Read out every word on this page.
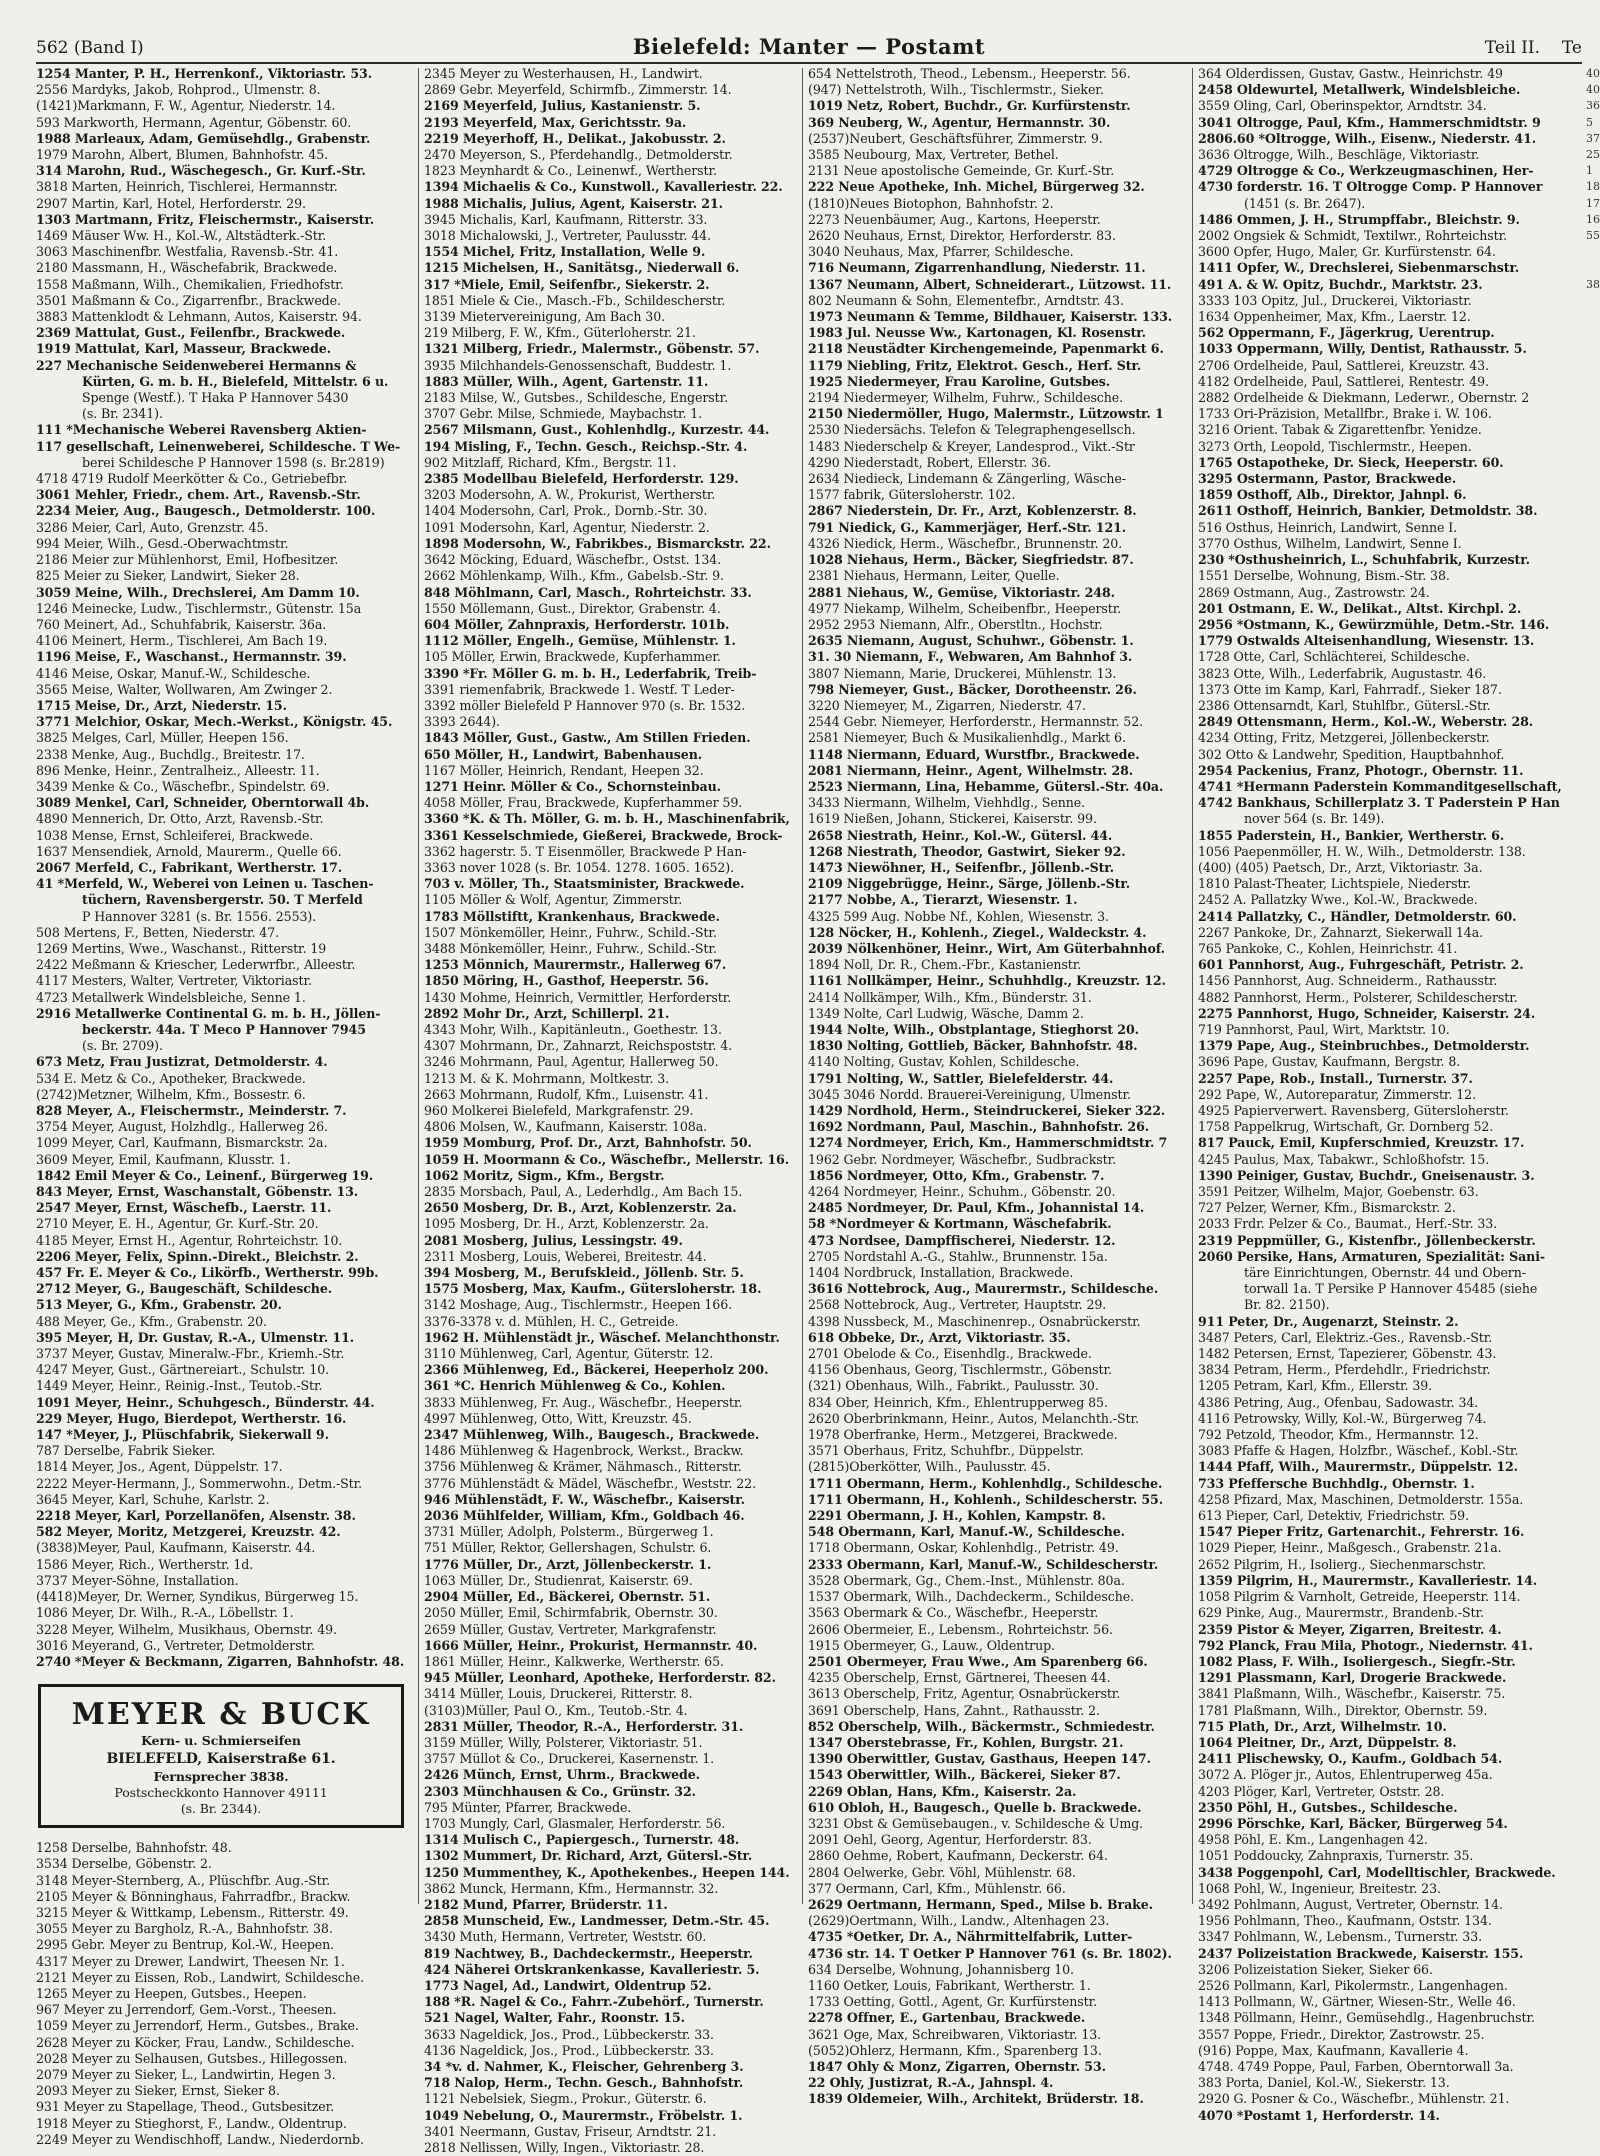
562 (Band I)	Bielefeld: Manter — Postamt	Teil II. Te
1254 Manter, P. H., Herrenkonf., Viktoriastr. 53.
2556 Mardyks, Jakob, Rohprod., Ulmenstr. 8.
(1421)Markmann, F. W., Agentur, Niederstr. 14.
593 Markworth, Hermann, Agentur, Göbenstr. 60.
1988 Marleaux, Adam, Gemüsehdlg., Grabenstr.
1979 Marohn, Albert, Blumen, Bahnhofstr. 45.
314 Marohn, Rud., Wäschegesch., Gr. Kurf.-Str.
3818 Marten, Heinrich, Tischlerei, Hermannstr.
2907 Martin, Karl, Hotel, Herforderstr. 29.
1303 Martmann, Fritz, Fleischermstr., Kaiserstr.
1469 Mäuser Ww. H., Kol.-W., Altstädterk.-Str.
3063 Maschinenfbr. Westfalia, Ravensb.-Str. 41.
2180 Massmann, H., Wäschefabrik, Brackwede.
1558 Maßmann, Wilh., Chemikalien, Friedhofstr.
3501 Maßmann & Co., Zigarrenfbr., Brackwede.
3883 Mattenklodt & Lehmann, Autos, Kaiserstr. 94.
2369 Mattulat, Gust., Feilenfbr., Brackwede.
1919 Mattulat, Karl, Masseur, Brackwede.
227 Mechanische Seidenweberei Hermanns &
Kürten, G. m. b. H., Bielefeld, Mittelstr. 6 u.
Spenge (Westf.). T Haka P Hannover 5430
(s. Br. 2341).
111 *Mechanische Weberei Ravensberg Aktien-
117 gesellschaft, Leinenweberei, Schildesche. T We-
berei Schildesche P Hannover 1598 (s. Br.2819)
4718 4719 Rudolf Meerkötter & Co., Getriebefbr.
3061 Mehler, Friedr., chem. Art., Ravensb.-Str.
2234 Meier, Aug., Baugesch., Detmolderstr. 100.
3286 Meier, Carl, Auto, Grenzstr. 45.
994 Meier, Wilh., Gesd.-Oberwachtmstr.
2186 Meier zur Mühlenhorst, Emil, Hofbesitzer.
825 Meier zu Sieker, Landwirt, Sieker 28.
3059 Meine, Wilh., Drechslerei, Am Damm 10.
1246 Meinecke, Ludw., Tischlermstr., Gütenstr. 15a
760 Meinert, Ad., Schuhfabrik, Kaiserstr. 36a.
4106 Meinert, Herm., Tischlerei, Am Bach 19.
1196 Meise, F., Waschanst., Hermannstr. 39.
4146 Meise, Oskar, Manuf.-W., Schildesche.
3565 Meise, Walter, Wollwaren, Am Zwinger 2.
1715 Meise, Dr., Arzt, Niederstr. 15.
3771 Melchior, Oskar, Mech.-Werkst., Königstr. 45.
3825 Melges, Carl, Müller, Heepen 156.
2338 Menke, Aug., Buchdlg., Breitestr. 17.
896 Menke, Heinr., Zentralheiz., Alleestr. 11.
3439 Menke & Co., Wäschefbr., Spindelstr. 69.
3089 Menkel, Carl, Schneider, Oberntorwall 4b.
4890 Mennerich, Dr. Otto, Arzt, Ravensb.-Str.
1038 Mense, Ernst, Schleiferei, Brackwede.
1637 Mensendiek, Arnold, Maurerm., Quelle 66.
2067 Merfeld, C., Fabrikant, Wertherstr. 17.
41 *Merfeld, W., Weberei von Leinen u. Taschen-
tüchern, Ravensbergerstr. 50. T Merfeld
P Hannover 3281 (s. Br. 1556. 2553).
508 Mertens, F., Betten, Niederstr. 47.
1269 Mertins, Wwe., Waschanst., Ritterstr. 19
2422 Meßmann & Kriescher, Lederwrfbr., Alleestr.
4117 Mesters, Walter, Vertreter, Viktoriastr.
4723 Metallwerk Windelsbleiche, Senne 1.
2916 Metallwerke Continental G. m. b. H., Jöllen-
beckerstr. 44a. T Meco P Hannover 7945
(s. Br. 2709).
673 Metz, Frau Justizrat, Detmolderstr. 4.
534 E. Metz & Co., Apotheker, Brackwede.
(2742)Metzner, Wilhelm, Kfm., Bossestr. 6.
828 Meyer, A., Fleischermstr., Meinderstr. 7.
3754 Meyer, August, Holzhdlg., Hallerweg 26.
1099 Meyer, Carl, Kaufmann, Bismarckstr. 2a.
3609 Meyer, Emil, Kaufmann, Klusstr. 1.
1842 Emil Meyer & Co., Leinenf., Bürgerweg 19.
843 Meyer, Ernst, Waschanstalt, Göbenstr. 13.
2547 Meyer, Ernst, Wäschefb., Laerstr. 11.
2710 Meyer, E. H., Agentur, Gr. Kurf.-Str. 20.
4185 Meyer, Ernst H., Agentur, Rohrteichstr. 10.
2206 Meyer, Felix, Spinn.-Direkt., Bleichstr. 2.
457 Fr. E. Meyer & Co., Likörfb., Wertherstr. 99b.
2712 Meyer, G., Baugeschäft, Schildesche.
513 Meyer, G., Kfm., Grabenstr. 20.
488 Meyer, Ge., Kfm., Grabenstr. 20.
395 Meyer, H, Dr. Gustav, R.-A., Ulmenstr. 11.
3737 Meyer, Gustav, Mineralw.-Fbr., Kriemh.-Str.
4247 Meyer, Gust., Gärtnereiart., Schulstr. 10.
1449 Meyer, Heinr., Reinig.-Inst., Teutob.-Str.
1091 Meyer, Heinr., Schuhgesch., Bünderstr. 44.
229 Meyer, Hugo, Bierdepot, Wertherstr. 16.
147 *Meyer, J., Plüschfabrik, Siekerwall 9.
787 Derselbe, Fabrik Sieker.
1814 Meyer, Jos., Agent, Düppelstr. 17.
2222 Meyer-Hermann, J., Sommerwohn., Detm.-Str.
3645 Meyer, Karl, Schuhe, Karlstr. 2.
2218 Meyer, Karl, Porzellanöfen, Alsenstr. 38.
582 Meyer, Moritz, Metzgerei, Kreuzstr. 42.
(3838)Meyer, Paul, Kaufmann, Kaiserstr. 44.
1586 Meyer, Rich., Wertherstr. 1d.
3737 Meyer-Söhne, Installation.
(4418)Meyer, Dr. Werner, Syndikus, Bürgerweg 15.
1086 Meyer, Dr. Wilh., R.-A., Löbellstr. 1.
3228 Meyer, Wilhelm, Musikhaus, Obernstr. 49.
3016 Meyerand, G., Vertreter, Detmolderstr.
2740 *Meyer & Beckmann, Zigarren, Bahnhofstr. 48.
MEYER & BUCK
Kern- u. Schmierseifen
BIELEFELD, Kaiserstraße 61.
Fernsprecher 3838.
Postscheckkonto Hannover 49111
(s. Br. 2344).
1258 Derselbe, Bahnhofstr. 48.
3534 Derselbe, Göbenstr. 2.
3148 Meyer-Sternberg, A., Plüschfbr. Aug.-Str.
2105 Meyer & Bönninghaus, Fahrradfbr., Brackw.
3215 Meyer & Wittkamp, Lebensm., Ritterstr. 49.
3055 Meyer zu Bargholz, R.-A., Bahnhofstr. 38.
2995 Gebr. Meyer zu Bentrup, Kol.-W., Heepen.
4317 Meyer zu Drewer, Landwirt, Theesen Nr. 1.
2121 Meyer zu Eissen, Rob., Landwirt, Schildesche.
1265 Meyer zu Heepen, Gutsbes., Heepen.
967 Meyer zu Jerrendorf, Gem.-Vorst., Theesen.
1059 Meyer zu Jerrendorf, Herm., Gutsbes., Brake.
2628 Meyer zu Köcker, Frau, Landw., Schildesche.
2028 Meyer zu Selhausen, Gutsbes., Hillegossen.
2079 Meyer zu Sieker, L., Landwirtin, Hegen 3.
2093 Meyer zu Sieker, Ernst, Sieker 8.
931 Meyer zu Stapellage, Theod., Gutsbesitzer.
1918 Meyer zu Stieghorst, F., Landw., Oldentrup.
2249 Meyer zu Wendischhoff, Landw., Niederdornb.
2345 Meyer zu Westerhausen, H., Landwirt.
2869 Gebr. Meyerfeld, Schirmfb., Zimmerstr. 14.
2169 Meyerfeld, Julius, Kastanienstr. 5.
2193 Meyerfeld, Max, Gerichtsstr. 9a.
2219 Meyerhoff, H., Delikat., Jakobusstr. 2.
2470 Meyerson, S., Pferdehandlg., Detmolderstr.
1823 Meynhardt & Co., Leinenwf., Wertherstr.
1394 Michaelis & Co., Kunstwoll., Kavalleriestr. 22.
1988 Michalis, Julius, Agent, Kaiserstr. 21.
3945 Michalis, Karl, Kaufmann, Ritterstr. 33.
3018 Michalowski, J., Vertreter, Paulusstr. 44.
1554 Michel, Fritz, Installation, Welle 9.
1215 Michelsen, H., Sanitätsg., Niederwall 6.
317 *Miele, Emil, Seifenfbr., Siekerstr. 2.
1851 Miele & Cie., Masch.-Fb., Schildescherstr.
3139 Mietervereinigung, Am Bach 30.
219 Milberg, F. W., Kfm., Güterloherstr. 21.
1321 Milberg, Friedr., Malermstr., Göbenstr. 57.
3935 Milchhandels-Genossenschaft, Buddestr. 1.
1883 Müller, Wilh., Agent, Gartenstr. 11.
2183 Milse, W., Gutsbes., Schildesche, Engerstr.
3707 Gebr. Milse, Schmiede, Maybachstr. 1.
2567 Milsmann, Gust., Kohlenhdlg., Kurzestr. 44.
194 Misling, F., Techn. Gesch., Reichsp.-Str. 4.
902 Mitzlaff, Richard, Kfm., Bergstr. 11.
2385 Modellbau Bielefeld, Herforderstr. 129.
3203 Modersohn, A. W., Prokurist, Wertherstr.
1404 Modersohn, Carl, Prok., Dornb.-Str. 30.
1091 Modersohn, Karl, Agentur, Niederstr. 2.
1898 Modersohn, W., Fabrikbes., Bismarckstr. 22.
3642 Möcking, Eduard, Wäschefbr., Ostst. 134.
2662 Möhlenkamp, Wilh., Kfm., Gabelsb.-Str. 9.
848 Möhlmann, Carl, Masch., Rohrteichstr. 33.
1550 Möllemann, Gust., Direktor, Grabenstr. 4.
604 Möller, Zahnpraxis, Herforderstr. 101b.
1112 Möller, Engelh., Gemüse, Mühlenstr. 1.
105 Möller, Erwin, Brackwede, Kupferhammer.
3390 *Fr. Möller G. m. b. H., Lederfabrik, Treib-
3391 riemenfabrik, Brackwede 1. Westf. T Leder-
3392 möller Bielefeld P Hannover 970 (s. Br. 1532.
3393 2644).
1843 Möller, Gust., Gastw., Am Stillen Frieden.
650 Möller, H., Landwirt, Babenhausen.
1167 Möller, Heinrich, Rendant, Heepen 32.
1271 Heinr. Möller & Co., Schornsteinbau.
4058 Möller, Frau, Brackwede, Kupferhammer 59.
3360 *K. & Th. Möller, G. m. b. H., Maschinenfabrik,
3361 Kesselschmiede, Gießerei, Brackwede, Brock-
3362 hagerstr. 5. T Eisenmöller, Brackwede P Han-
3363 nover 1028 (s. Br. 1054. 1278. 1605. 1652).
703 v. Möller, Th., Staatsminister, Brackwede.
1105 Möller & Wolf, Agentur, Zimmerstr.
1783 Möllstiftt, Krankenhaus, Brackwede.
1507 Mönkemöller, Heinr., Fuhrw., Schild.-Str.
3488 Mönkemöller, Heinr., Fuhrw., Schild.-Str.
1253 Mönnich, Maurermstr., Hallerweg 67.
1850 Möring, H., Gasthof, Heeperstr. 56.
1430 Mohme, Heinrich, Vermittler, Herforderstr.
2892 Mohr Dr., Arzt, Schillerpl. 21.
4343 Mohr, Wilh., Kapitänleutn., Goethestr. 13.
4307 Mohrmann, Dr., Zahnarzt, Reichspoststr. 4.
3246 Mohrmann, Paul, Agentur, Hallerweg 50.
1213 M. & K. Mohrmann, Moltkestr. 3.
2663 Mohrmann, Rudolf, Kfm., Luisenstr. 41.
960 Molkerei Bielefeld, Markgrafenstr. 29.
4806 Molsen, W., Kaufmann, Kaiserstr. 108a.
1959 Momburg, Prof. Dr., Arzt, Bahnhofstr. 50.
1059 H. Moormann & Co., Wäschefbr., Mellerstr. 16.
1062 Moritz, Sigm., Kfm., Bergstr.
2835 Morsbach, Paul, A., Lederhdlg., Am Bach 15.
2650 Mosberg, Dr. B., Arzt, Koblenzerstr. 2a.
1095 Mosberg, Dr. H., Arzt, Koblenzerstr. 2a.
2081 Mosberg, Julius, Lessingstr. 49.
2311 Mosberg, Louis, Weberei, Breitestr. 44.
394 Mosberg, M., Berufskleid., Jöllenb. Str. 5.
1575 Mosberg, Max, Kaufm., Gütersloherstr. 18.
3142 Moshage, Aug., Tischlermstr., Heepen 166.
3376-3378 v. d. Mühlen, H. C., Getreide.
1962 H. Mühlenstädt jr., Wäschef. Melanchthonstr.
3110 Mühlenweg, Carl, Agentur, Güterstr. 12.
2366 Mühlenweg, Ed., Bäckerei, Heeperholz 200.
361 *C. Henrich Mühlenweg & Co., Kohlen.
3833 Mühlenweg, Fr. Aug., Wäschefbr., Heeperstr.
4997 Mühlenweg, Otto, Witt, Kreuzstr. 45.
2347 Mühlenweg, Wilh., Baugesch., Brackwede.
1486 Mühlenweg & Hagenbrock, Werkst., Brackw.
3756 Mühlenweg & Krämer, Nähmasch., Ritterstr.
3776 Mühlenstädt & Mädel, Wäschefbr., Weststr. 22.
946 Mühlenstädt, F. W., Wäschefbr., Kaiserstr.
2036 Mühlfelder, William, Kfm., Goldbach 46.
3731 Müller, Adolph, Polsterm., Bürgerweg 1.
751 Müller, Rektor, Gellershagen, Schulstr. 6.
1776 Müller, Dr., Arzt, Jöllenbeckerstr. 1.
1063 Müller, Dr., Studienrat, Kaiserstr. 69.
2904 Müller, Ed., Bäckerei, Obernstr. 51.
2050 Müller, Emil, Schirmfabrik, Obernstr. 30.
2659 Müller, Gustav, Vertreter, Markgrafenstr.
1666 Müller, Heinr., Prokurist, Hermannstr. 40.
1861 Müller, Heinr., Kalkwerke, Wertherstr. 65.
945 Müller, Leonhard, Apotheke, Herforderstr. 82.
3414 Müller, Louis, Druckerei, Ritterstr. 8.
(3103)Müller, Paul O., Km., Teutob.-Str. 4.
2831 Müller, Theodor, R.-A., Herforderstr. 31.
3159 Müller, Willy, Polsterer, Viktoriastr. 51.
3757 Müllot & Co., Druckerei, Kasernenstr. 1.
2426 Münch, Ernst, Uhrm., Brackwede.
2303 Münchhausen & Co., Grünstr. 32.
795 Münter, Pfarrer, Brackwede.
1703 Mungly, Carl, Glasmaler, Herforderstr. 56.
1314 Mulisch C., Papiergesch., Turnerstr. 48.
1302 Mummert, Dr. Richard, Arzt, Gütersl.-Str.
1250 Mummenthey, K., Apothekenbes., Heepen 144.
3862 Munck, Hermann, Kfm., Hermannstr. 32.
2182 Mund, Pfarrer, Brüderstr. 11.
2858 Munscheid, Ew., Landmesser, Detm.-Str. 45.
3430 Muth, Hermann, Vertreter, Weststr. 60.
819 Nachtwey, B., Dachdeckermstr., Heeperstr.
424 Näherei Ortskrankenkasse, Kavalleriestr. 5.
1773 Nagel, Ad., Landwirt, Oldentrup 52.
188 *R. Nagel & Co., Fahrr.-Zubehörf., Turnerstr.
521 Nagel, Walter, Fahr., Roonstr. 15.
3633 Nageldick, Jos., Prod., Lübbeckerstr. 33.
4136 Nageldick, Jos., Prod., Lübbeckerstr. 33.
34 *v. d. Nahmer, K., Fleischer, Gehrenberg 3.
718 Nalop, Herm., Techn. Gesch., Bahnhofstr.
1121 Nebelsiek, Siegm., Prokur., Güterstr. 6.
1049 Nebelung, O., Maurermstr., Fröbelstr. 1.
3401 Neermann, Gustav, Friseur, Arndtstr. 21.
2818 Nellissen, Willy, Ingen., Viktoriastr. 28.
654 Nettelstroth, Theod., Lebensm., Heeperstr. 56.
(947) Nettelstroth, Wilh., Tischlermstr., Sieker.
1019 Netz, Robert, Buchdr., Gr. Kurfürstenstr.
369 Neuberg, W., Agentur, Hermannstr. 30.
(2537)Neubert, Geschäftsführer, Zimmerstr. 9.
3585 Neubourg, Max, Vertreter, Bethel.
2131 Neue apostolische Gemeinde, Gr. Kurf.-Str.
222 Neue Apotheke, Inh. Michel, Bürgerweg 32.
(1810)Neues Biotophon, Bahnhofstr. 2.
2273 Neuenbäumer, Aug., Kartons, Heeperstr.
2620 Neuhaus, Ernst, Direktor, Herforderstr. 83.
3040 Neuhaus, Max, Pfarrer, Schildesche.
716 Neumann, Zigarrenhandlung, Niederstr. 11.
1367 Neumann, Albert, Schneiderart., Lützowst. 11.
802 Neumann & Sohn, Elementefbr., Arndtstr. 43.
1973 Neumann & Temme, Bildhauer, Kaiserstr. 133.
1983 Jul. Neusse Ww., Kartonagen, Kl. Rosenstr.
2118 Neustädter Kirchengemeinde, Papenmarkt 6.
1179 Niebling, Fritz, Elektrot. Gesch., Herf. Str.
1925 Niedermeyer, Frau Karoline, Gutsbes.
2194 Niedermeyer, Wilhelm, Fuhrw., Schildesche.
2150 Niedermöller, Hugo, Malermstr., Lützowstr. 1
2530 Niedersächs. Telefon & Telegraphengesellsch.
1483 Niederschelp & Kreyer, Landesprod., Vikt.-Str
4290 Niederstadt, Robert, Ellerstr. 36.
2634 Niedieck, Lindemann & Zängerling, Wäsche-
1577 fabrik, Gütersloherstr. 102.
2867 Niederstein, Dr. Fr., Arzt, Koblenzerstr. 8.
791 Niedick, G., Kammerjäger, Herf.-Str. 121.
4326 Niedick, Herm., Wäschefbr., Brunnenstr. 20.
1028 Niehaus, Herm., Bäcker, Siegfriedstr. 87.
2381 Niehaus, Hermann, Leiter, Quelle.
2881 Niehaus, W., Gemüse, Viktoriastr. 248.
4977 Niekamp, Wilhelm, Scheibenfbr., Heeperstr.
2952 2953 Niemann, Alfr., Oberstltn., Hochstr.
2635 Niemann, August, Schuhwr., Göbenstr. 1.
31. 30 Niemann, F., Webwaren, Am Bahnhof 3.
3807 Niemann, Marie, Druckerei, Mühlenstr. 13.
798 Niemeyer, Gust., Bäcker, Dorotheenstr. 26.
3220 Niemeyer, M., Zigarren, Niederstr. 47.
2544 Gebr. Niemeyer, Herforderstr., Hermannstr. 52.
2581 Niemeyer, Buch & Musikalienhdlg., Markt 6.
1148 Niermann, Eduard, Wurstfbr., Brackwede.
2081 Niermann, Heinr., Agent, Wilhelmstr. 28.
2523 Niermann, Lina, Hebamme, Gütersl.-Str. 40a.
3433 Niermann, Wilhelm, Viehhdlg., Senne.
1619 Nießen, Johann, Stickerei, Kaiserstr. 99.
2658 Niestrath, Heinr., Kol.-W., Gütersl. 44.
1268 Niestrath, Theodor, Gastwirt, Sieker 92.
1473 Niewöhner, H., Seifenfbr., Jöllenb.-Str.
2109 Niggebrügge, Heinr., Särge, Jöllenb.-Str.
2177 Nobbe, A., Tierarzt, Wiesenstr. 1.
4325 599 Aug. Nobbe Nf., Kohlen, Wiesenstr. 3.
128 Nöcker, H., Kohlenh., Ziegel., Waldeckstr. 4.
2039 Nölkenhöner, Heinr., Wirt, Am Güterbahnhof.
1894 Noll, Dr. R., Chem.-Fbr., Kastanienstr.
1161 Nollkämper, Heinr., Schuhhdlg., Kreuzstr. 12.
2414 Nollkämper, Wilh., Kfm., Bünderstr. 31.
1349 Nolte, Carl Ludwig, Wäsche, Damm 2.
1944 Nolte, Wilh., Obstplantage, Stieghorst 20.
1830 Nolting, Gottlieb, Bäcker, Bahnhofstr. 48.
4140 Nolting, Gustav, Kohlen, Schildesche.
1791 Nolting, W., Sattler, Bielefelderstr. 44.
3045 3046 Nordd. Brauerei-Vereinigung, Ulmenstr.
1429 Nordhold, Herm., Steindruckerei, Sieker 322.
1692 Nordmann, Paul, Maschin., Bahnhofstr. 26.
1274 Nordmeyer, Erich, Km., Hammerschmidtstr. 7
1962 Gebr. Nordmeyer, Wäschefbr., Sudbrackstr.
1856 Nordmeyer, Otto, Kfm., Grabenstr. 7.
4264 Nordmeyer, Heinr., Schuhm., Göbenstr. 20.
2485 Nordmeyer, Dr. Paul, Kfm., Johannistal 14.
58 *Nordmeyer & Kortmann, Wäschefabrik.
473 Nordsee, Dampffischerei, Niederstr. 12.
2705 Nordstahl A.-G., Stahlw., Brunnenstr. 15a.
1404 Nordbruck, Installation, Brackwede.
3616 Nottebrock, Aug., Maurermstr., Schildesche.
2568 Nottebrock, Aug., Vertreter, Hauptstr. 29.
4398 Nussbeck, M., Maschinenrep., Osnabrückerstr.
618 Obbeke, Dr., Arzt, Viktoriastr. 35.
2701 Obelode & Co., Eisenhdlg., Brackwede.
4156 Obenhaus, Georg, Tischlermstr., Göbenstr.
(321) Obenhaus, Wilh., Fabrikt., Paulusstr. 30.
834 Ober, Heinrich, Kfm., Ehlentrupperweg 85.
2620 Oberbrinkmann, Heinr., Autos, Melanchth.-Str.
1978 Oberfranke, Herm., Metzgerei, Brackwede.
3571 Oberhaus, Fritz, Schuhfbr., Düppelstr.
(2815)Oberkötter, Wilh., Paulusstr. 45.
1711 Obermann, Herm., Kohlenhdlg., Schildesche.
1711 Obermann, H., Kohlenh., Schildescherstr. 55.
2291 Obermann, J. H., Kohlen, Kampstr. 8.
548 Obermann, Karl, Manuf.-W., Schildesche.
1718 Obermann, Oskar, Kohlenhdlg., Petristr. 49.
2333 Obermann, Karl, Manuf.-W., Schildescherstr.
3528 Obermark, Gg., Chem.-Inst., Mühlenstr. 80a.
1537 Obermark, Wilh., Dachdeckerm., Schildesche.
3563 Obermark & Co., Wäschefbr., Heeperstr.
2606 Obermeier, E., Lebensm., Rohrteichstr. 56.
1915 Obermeyer, G., Lauw., Oldentrup.
2501 Obermeyer, Frau Wwe., Am Sparenberg 66.
4235 Oberschelp, Ernst, Gärtnerei, Theesen 44.
3613 Oberschelp, Fritz, Agentur, Osnabrückerstr.
3691 Oberschelp, Hans, Zahnt., Rathausstr. 2.
852 Oberschelp, Wilh., Bäckermstr., Schmiedestr.
1347 Oberstebrasse, Fr., Kohlen, Burgstr. 21.
1390 Oberwittler, Gustav, Gasthaus, Heepen 147.
1543 Oberwittler, Wilh., Bäckerei, Sieker 87.
2269 Oblan, Hans, Kfm., Kaiserstr. 2a.
610 Obloh, H., Baugesch., Quelle b. Brackwede.
3231 Obst & Gemüsebaugen., v. Schildesche & Umg.
2091 Oehl, Georg, Agentur, Herforderstr. 83.
2860 Oehme, Robert, Kaufmann, Deckerstr. 64.
2804 Oelwerke, Gebr. Vöhl, Mühlenstr. 68.
377 Oermann, Carl, Kfm., Mühlenstr. 66.
2629 Oertmann, Hermann, Sped., Milse b. Brake.
(2629)Oertmann, Wilh., Landw., Altenhagen 23.
4735 *Oetker, Dr. A., Nährmittelfabrik, Lutter-
4736 str. 14. T Oetker P Hannover 761 (s. Br. 1802).
634 Derselbe, Wohnung, Johannisberg 10.
1160 Oetker, Louis, Fabrikant, Wertherstr. 1.
1733 Oetting, Gottl., Agent, Gr. Kurfürstenstr.
2278 Offner, E., Gartenbau, Brackwede.
3621 Oge, Max, Schreibwaren, Viktoriastr. 13.
(5052)Ohlerz, Hermann, Kfm., Sparenberg 13.
1847 Ohly & Monz, Zigarren, Obernstr. 53.
22 Ohly, Justizrat, R.-A., Jahnspl. 4.
1839 Oldemeier, Wilh., Architekt, Brüderstr. 18.
364 Olderdissen, Gustav, Gastw., Heinrichstr. 49
2458 Oldewurtel, Metallwerk, Windelsbleiche.
3559 Oling, Carl, Oberinspektor, Arndtstr. 34.
3041 Oltrogge, Paul, Kfm., Hammerschmidtstr. 9
2806.60 *Oltrogge, Wilh., Eisenw., Niederstr. 41.
3636 Oltrogge, Wilh., Beschläge, Viktoriastr.
4729 Oltrogge & Co., Werkzeugmaschinen, Her-
4730 forderstr. 16. T Oltrogge Comp. P Hannover
(1451 (s. Br. 2647).
1486 Ommen, J. H., Strumpffabr., Bleichstr. 9.
2002 Ongsiek & Schmidt, Textilwr., Rohrteichstr.
3600 Opfer, Hugo, Maler, Gr. Kurfürstenstr. 64.
1411 Opfer, W., Drechslerei, Siebenmarschstr.
491 A. & W. Opitz, Buchdr., Marktstr. 23.
3333 103 Opitz, Jul., Druckerei, Viktoriastr.
1634 Oppenheimer, Max, Kfm., Laerstr. 12.
562 Oppermann, F., Jägerkrug, Uerentrup.
1033 Oppermann, Willy, Dentist, Rathausstr. 5.
2706 Ordelheide, Paul, Sattlerei, Kreuzstr. 43.
4182 Ordelheide, Paul, Sattlerei, Rentestr. 49.
2882 Ordelheide & Diekmann, Lederwr., Obernstr. 2
1733 Ori-Präzision, Metallfbr., Brake i. W. 106.
3216 Orient. Tabak & Zigarettenfbr. Yenidze.
3273 Orth, Leopold, Tischlermstr., Heepen.
1765 Ostapotheke, Dr. Sieck, Heeperstr. 60.
3295 Ostermann, Pastor, Brackwede.
1859 Osthoff, Alb., Direktor, Jahnpl. 6.
2611 Osthoff, Heinrich, Bankier, Detmoldstr. 38.
516 Osthus, Heinrich, Landwirt, Senne I.
3770 Osthus, Wilhelm, Landwirt, Senne I.
230 *Osthusheinrich, L., Schuhfabrik, Kurzestr.
1551 Derselbe, Wohnung, Bism.-Str. 38.
2869 Ostmann, Aug., Zastrowstr. 24.
201 Ostmann, E. W., Delikat., Altst. Kirchpl. 2.
2956 *Ostmann, K., Gewürzmühle, Detm.-Str. 146.
1779 Ostwalds Alteisenhandlung, Wiesenstr. 13.
1728 Otte, Carl, Schlächterei, Schildesche.
3823 Otte, Wilh., Lederfabrik, Augustastr. 46.
1373 Otte im Kamp, Karl, Fahrradf., Sieker 187.
2386 Ottensarndt, Karl, Stuhlfbr., Gütersl.-Str.
2849 Ottensmann, Herm., Kol.-W., Weberstr. 28.
4234 Otting, Fritz, Metzgerei, Jöllenbeckerstr.
302 Otto & Landwehr, Spedition, Hauptbahnhof.
2954 Packenius, Franz, Photogr., Obernstr. 11.
4741 *Hermann Paderstein Kommanditgesellschaft,
4742 Bankhaus, Schillerplatz 3. T Paderstein P Han
nover 564 (s. Br. 149).
1855 Paderstein, H., Bankier, Wertherstr. 6.
1056 Paepenmöller, H. W., Wilh., Detmolderstr. 138.
(400) (405) Paetsch, Dr., Arzt, Viktoriastr. 3a.
1810 Palast-Theater, Lichtspiele, Niederstr.
2452 A. Pallatzky Wwe., Kol.-W., Brackwede.
2414 Pallatzky, C., Händler, Detmolderstr. 60.
2267 Pankoke, Dr., Zahnarzt, Siekerwall 14a.
765 Pankoke, C., Kohlen, Heinrichstr. 41.
601 Pannhorst, Aug., Fuhrgeschäft, Petristr. 2.
1456 Pannhorst, Aug. Schneiderm., Rathausstr.
4882 Pannhorst, Herm., Polsterer, Schildescherstr.
2275 Pannhorst, Hugo, Schneider, Kaiserstr. 24.
719 Pannhorst, Paul, Wirt, Marktstr. 10.
1379 Pape, Aug., Steinbruchbes., Detmolderstr.
3696 Pape, Gustav, Kaufmann, Bergstr. 8.
2257 Pape, Rob., Install., Turnerstr. 37.
292 Pape, W., Autoreparatur, Zimmerstr. 12.
4925 Papierverwert. Ravensberg, Gütersloherstr.
1758 Pappelkrug, Wirtschaft, Gr. Dornberg 52.
817 Pauck, Emil, Kupferschmied, Kreuzstr. 17.
4245 Paulus, Max, Tabakwr., Schloßhofstr. 15.
1390 Peiniger, Gustav, Buchdr., Gneisenaustr. 3.
3591 Peitzer, Wilhelm, Major, Goebenstr. 63.
727 Pelzer, Werner, Kfm., Bismarckstr. 2.
2033 Frdr. Pelzer & Co., Baumat., Herf.-Str. 33.
2319 Peppmüller, G., Kistenfbr., Jöllenbeckerstr.
2060 Persike, Hans, Armaturen, Spezialität: Sani-
täre Einrichtungen, Obernstr. 44 und Obern-
torwall 1a. T Persike P Hannover 45485 (siehe
Br. 82. 2150).
911 Peter, Dr., Augenarzt, Steinstr. 2.
3487 Peters, Carl, Elektriz.-Ges., Ravensb.-Str.
1482 Petersen, Ernst, Tapezierer, Göbenstr. 43.
3834 Petram, Herm., Pferdehdlr., Friedrichstr.
1205 Petram, Karl, Kfm., Ellerstr. 39.
4386 Petring, Aug., Ofenbau, Sadowastr. 34.
4116 Petrowsky, Willy, Kol.-W., Bürgerweg 74.
792 Petzold, Theodor, Kfm., Hermannstr. 12.
3083 Pfaffe & Hagen, Holzfbr., Wäschef., Kobl.-Str.
1444 Pfaff, Wilh., Maurermstr., Düppelstr. 12.
733 Pfeffersche Buchhdlg., Obernstr. 1.
4258 Pfizard, Max, Maschinen, Detmolderstr. 155a.
613 Pieper, Carl, Detektiv, Friedrichstr. 59.
1547 Pieper Fritz, Gartenarchit., Fehrerstr. 16.
1029 Pieper, Heinr., Maßgesch., Grabenstr. 21a.
2652 Pilgrim, H., Isolierg., Siechenmarschstr.
1359 Pilgrim, H., Maurermstr., Kavalleriestr. 14.
1058 Pilgrim & Varnholt, Getreide, Heeperstr. 114.
629 Pinke, Aug., Maurermstr., Brandenb.-Str.
2359 Pistor & Meyer, Zigarren, Breitestr. 4.
792 Planck, Frau Mila, Photogr., Niedernstr. 41.
1082 Plass, F. Wilh., Isoliergesch., Siegfr.-Str.
1291 Plassmann, Karl, Drogerie Brackwede.
3841 Plaßmann, Wilh., Wäschefbr., Kaiserstr. 75.
1781 Plaßmann, Wilh., Direktor, Obernstr. 59.
715 Plath, Dr., Arzt, Wilhelmstr. 10.
1064 Pleitner, Dr., Arzt, Düppelstr. 8.
2411 Plischewsky, O., Kaufm., Goldbach 54.
3072 A. Plöger jr., Autos, Ehlentruperweg 45a.
4203 Plöger, Karl, Vertreter, Oststr. 28.
2350 Pöhl, H., Gutsbes., Schildesche.
2996 Pörschke, Karl, Bäcker, Bürgerweg 54.
4958 Pöhl, E. Km., Langenhagen 42.
1051 Poddoucky, Zahnpraxis, Turnerstr. 35.
3438 Poggenpohl, Carl, Modelltischler, Brackwede.
1068 Pohl, W., Ingenieur, Breitestr. 23.
3492 Pohlmann, August, Vertreter, Obernstr. 14.
1956 Pohlmann, Theo., Kaufmann, Oststr. 134.
3347 Pohlmann, W., Lebensm., Turnerstr. 33.
2437 Polizeistation Brackwede, Kaiserstr. 155.
3206 Polizeistation Sieker, Sieker 66.
2526 Pollmann, Karl, Pikolermstr., Langenhagen.
1413 Pollmann, W., Gärtner, Wiesen-Str., Welle 46.
1348 Pöllmann, Heinr., Gemüsehdlg., Hagenbruchstr.
3557 Poppe, Friedr., Direktor, Zastrowstr. 25.
(916) Poppe, Max, Kaufmann, Kavallerie 4.
4748. 4749 Poppe, Paul, Farben, Oberntorwall 3a.
383 Porta, Daniel, Kol.-W., Siekerstr. 13.
2920 G. Posner & Co., Wäschefbr., Mühlenstr. 21.
4070 *Postamt 1, Herforderstr. 14.
40
40
36
5
37
25
1
18
17
16
55

38
